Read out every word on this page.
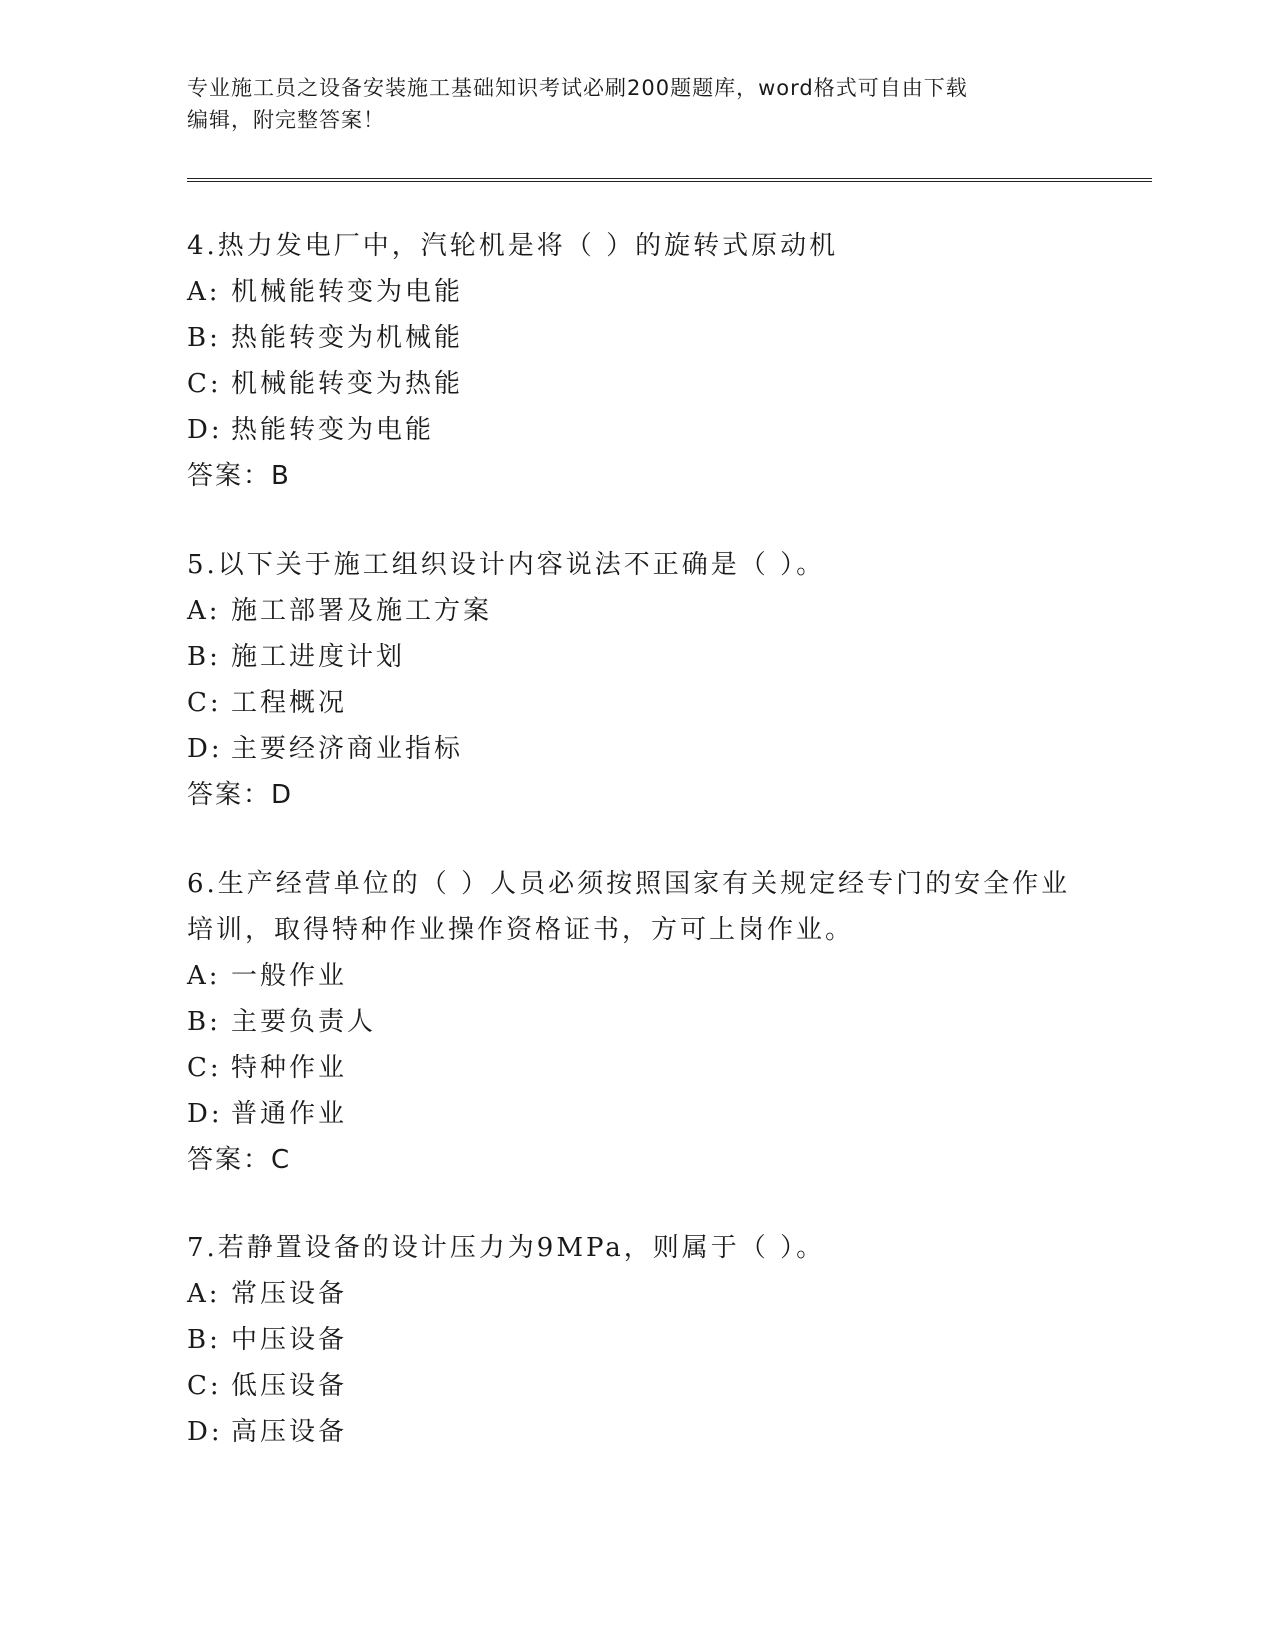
专业施工员之设备安装施工基础知识考试必刷200题题库，word格式可自由下载
编辑，附完整答案！

4.热力发电厂中，汽轮机是将（ ）的旋转式原动机

A: 机械能转变为电能

B: 热能转变为机械能

C: 机械能转变为热能

D: 热能转变为电能

答案：B

5.以下关于施工组织设计内容说法不正确是（ ）。

A: 施工部署及施工方案

B: 施工进度计划

C: 工程概况

D: 主要经济商业指标

答案：D

6.生产经营单位的（ ）人员必须按照国家有关规定经专门的安全作业培训，取得特种作业操作资格证书，方可上岗作业。

A: 一般作业

B: 主要负责人

C: 特种作业

D: 普通作业

答案：C

7.若静置设备的设计压力为9MPa，则属于（ ）。

A: 常压设备

B: 中压设备

C: 低压设备

D: 高压设备
